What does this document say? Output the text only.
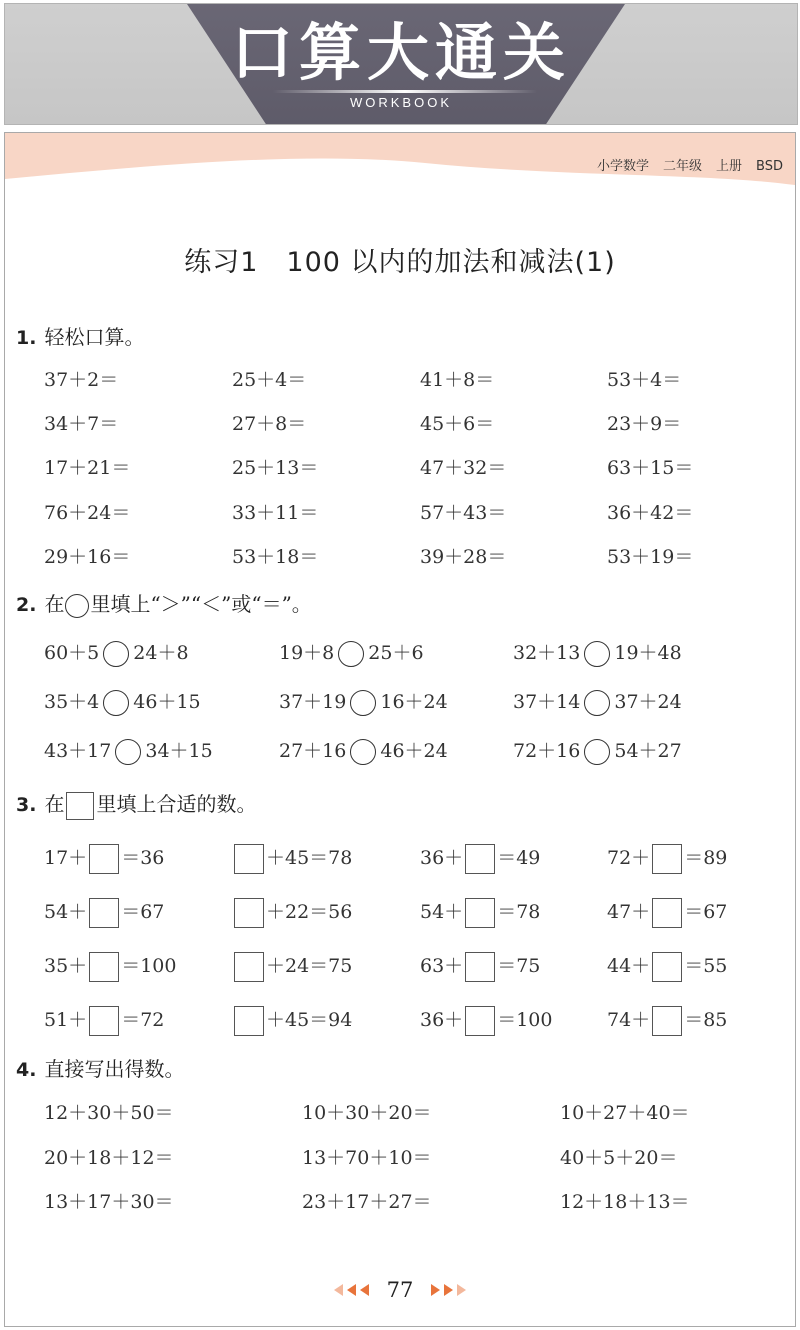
口算大通关
WORKBOOK
小学数学 二年级 上册 BSD
练习1　100 以内的加法和减法(1)
1. 轻松口算。
37＋2＝	25＋4＝	41＋8＝	53＋4＝
34＋7＝	27＋8＝	45＋6＝	23＋9＝
17＋21＝	25＋13＝	47＋32＝	63＋15＝
76＋24＝	33＋11＝	57＋43＝	36＋42＝
29＋16＝	53＋18＝	39＋28＝	53＋19＝
2. 在 里填上“＞”“＜”或“＝”。
60＋5 24＋8	19＋8 25＋6	32＋13 19＋48
35＋4 46＋15	37＋19 16＋24	37＋14 37＋24
43＋17 34＋15	27＋16 46＋24	72＋16 54＋27
3. 在 里填上合适的数。
17＋ ＝36	＋45＝78	36＋ ＝49	72＋ ＝89
54＋ ＝67	＋22＝56	54＋ ＝78	47＋ ＝67
35＋ ＝100	＋24＝75	63＋ ＝75	44＋ ＝55
51＋ ＝72	＋45＝94	36＋ ＝100	74＋ ＝85
4. 直接写出得数。
12＋30＋50＝	10＋30＋20＝	10＋27＋40＝
20＋18＋12＝	13＋70＋10＝	40＋5＋20＝
13＋17＋30＝	23＋17＋27＝	12＋18＋13＝
77
